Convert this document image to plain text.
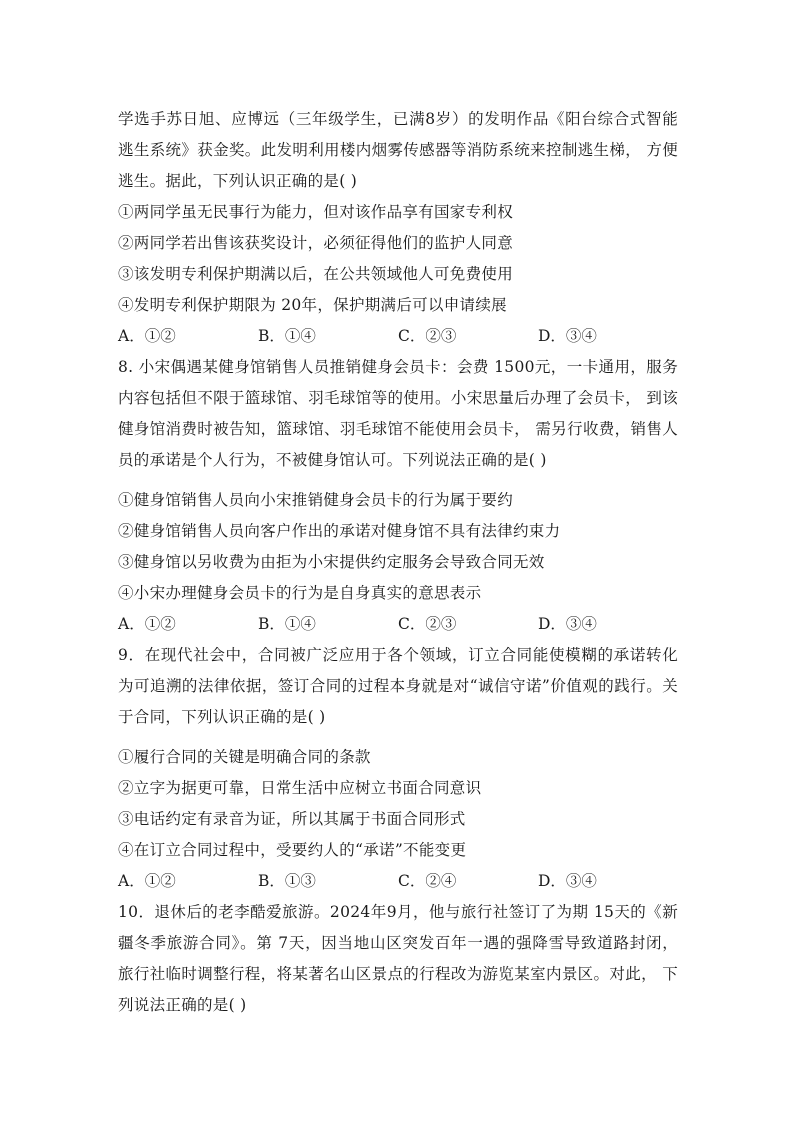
学选手苏日旭、应博远（三年级学生，已满8岁）的发明作品《阳台综合式智能
逃生系统》获金奖。此发明利用楼内烟雾传感器等消防系统来控制逃生梯， 方便
逃生。据此，下列认识正确的是( )
①两同学虽无民事行为能力，但对该作品享有国家专利权
②两同学若出售该获奖设计，必须征得他们的监护人同意
③该发明专利保护期满以后，在公共领域他人可免费使用
④发明专利保护期限为 20年，保护期满后可以申请续展
A．①②	B．①④	C．②③	D．③④
8. 小宋偶遇某健身馆销售人员推销健身会员卡：会费 1500元，一卡通用，服务
内容包括但不限于篮球馆、羽毛球馆等的使用。小宋思量后办理了会员卡， 到该
健身馆消费时被告知，篮球馆、羽毛球馆不能使用会员卡， 需另行收费，销售人
员的承诺是个人行为，不被健身馆认可。下列说法正确的是( )
①健身馆销售人员向小宋推销健身会员卡的行为属于要约
②健身馆销售人员向客户作出的承诺对健身馆不具有法律约束力
③健身馆以另收费为由拒为小宋提供约定服务会导致合同无效
④小宋办理健身会员卡的行为是自身真实的意思表示
A．①②	B．①④	C．②③	D．③④
9．在现代社会中，合同被广泛应用于各个领域，订立合同能使模糊的承诺转化
为可追溯的法律依据，签订合同的过程本身就是对“诚信守诺”价值观的践行。关
于合同，下列认识正确的是( )
①履行合同的关键是明确合同的条款
②立字为据更可靠，日常生活中应树立书面合同意识
③电话约定有录音为证，所以其属于书面合同形式
④在订立合同过程中，受要约人的“承诺”不能变更
A．①②	B．①③	C．②④	D．③④
10．退休后的老李酷爱旅游。2024年9月，他与旅行社签订了为期 15天的《新
疆冬季旅游合同》。第 7天，因当地山区突发百年一遇的强降雪导致道路封闭，
旅行社临时调整行程，将某著名山区景点的行程改为游览某室内景区。对此， 下
列说法正确的是( )
